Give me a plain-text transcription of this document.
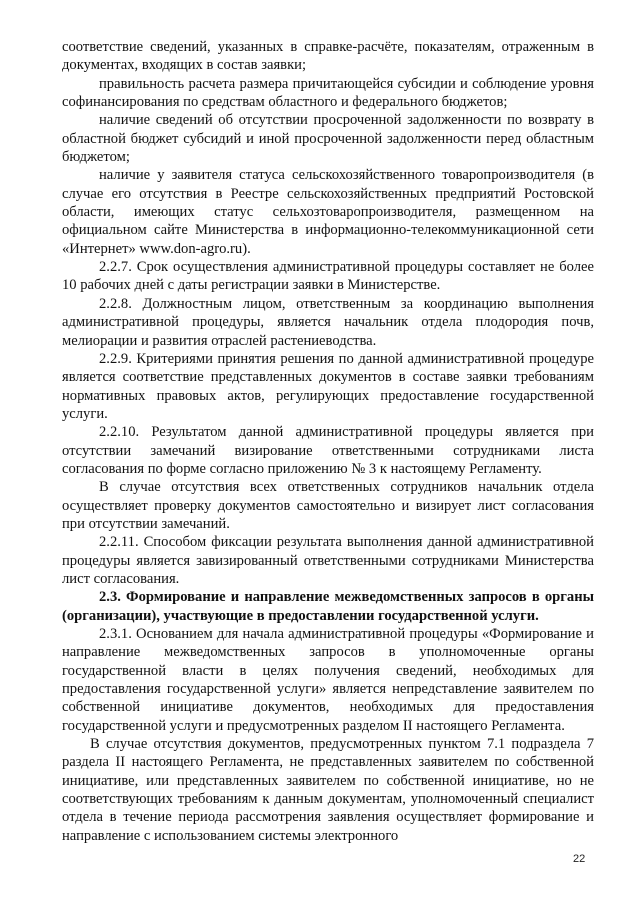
соответствие сведений, указанных в справке-расчёте, показателям, отраженным в документах, входящих в состав заявки;

правильность расчета размера причитающейся субсидии и соблюдение уровня софинансирования по средствам областного и федерального бюджетов;

наличие сведений об отсутствии просроченной задолженности по возврату в областной бюджет субсидий и иной просроченной задолженности перед областным бюджетом;

наличие у заявителя статуса сельскохозяйственного товаропроизводителя (в случае его отсутствия в Реестре сельскохозяйственных предприятий Ростовской области, имеющих статус сельхозтоваропроизводителя, размещенном на официальном сайте Министерства в информационно-телекоммуникационной сети «Интернет» www.don-agro.ru).

2.2.7. Срок осуществления административной процедуры составляет не более 10 рабочих дней с даты регистрации заявки в Министерстве.

2.2.8. Должностным лицом, ответственным за координацию выполнения административной процедуры, является начальник отдела плодородия почв, мелиорации и развития отраслей растениеводства.

2.2.9. Критериями принятия решения по данной административной процедуре является соответствие представленных документов в составе заявки требованиям нормативных правовых актов, регулирующих предоставление государственной услуги.

2.2.10. Результатом данной административной процедуры является при отсутствии замечаний визирование ответственными сотрудниками листа согласования по форме согласно приложению № 3 к настоящему Регламенту.

В случае отсутствия всех ответственных сотрудников начальник отдела осуществляет проверку документов самостоятельно и визирует лист согласования при отсутствии замечаний.

2.2.11. Способом фиксации результата выполнения данной административной процедуры является завизированный ответственными сотрудниками Министерства лист согласования.

2.3. Формирование и направление межведомственных запросов в органы (организации), участвующие в предоставлении государственной услуги.

2.3.1. Основанием для начала административной процедуры «Формирование и направление межведомственных запросов в уполномоченные органы государственной власти в целях получения сведений, необходимых для предоставления государственной услуги» является непредставление заявителем по собственной инициативе документов, необходимых для предоставления государственной услуги и предусмотренных разделом II настоящего Регламента.

В случае отсутствия документов, предусмотренных пунктом 7.1 подраздела 7 раздела II настоящего Регламента, не представленных заявителем по собственной инициативе, или представленных заявителем по собственной инициативе, но не соответствующих требованиям к данным документам, уполномоченный специалист отдела в течение периода рассмотрения заявления осуществляет формирование и направление с использованием системы электронного

22
